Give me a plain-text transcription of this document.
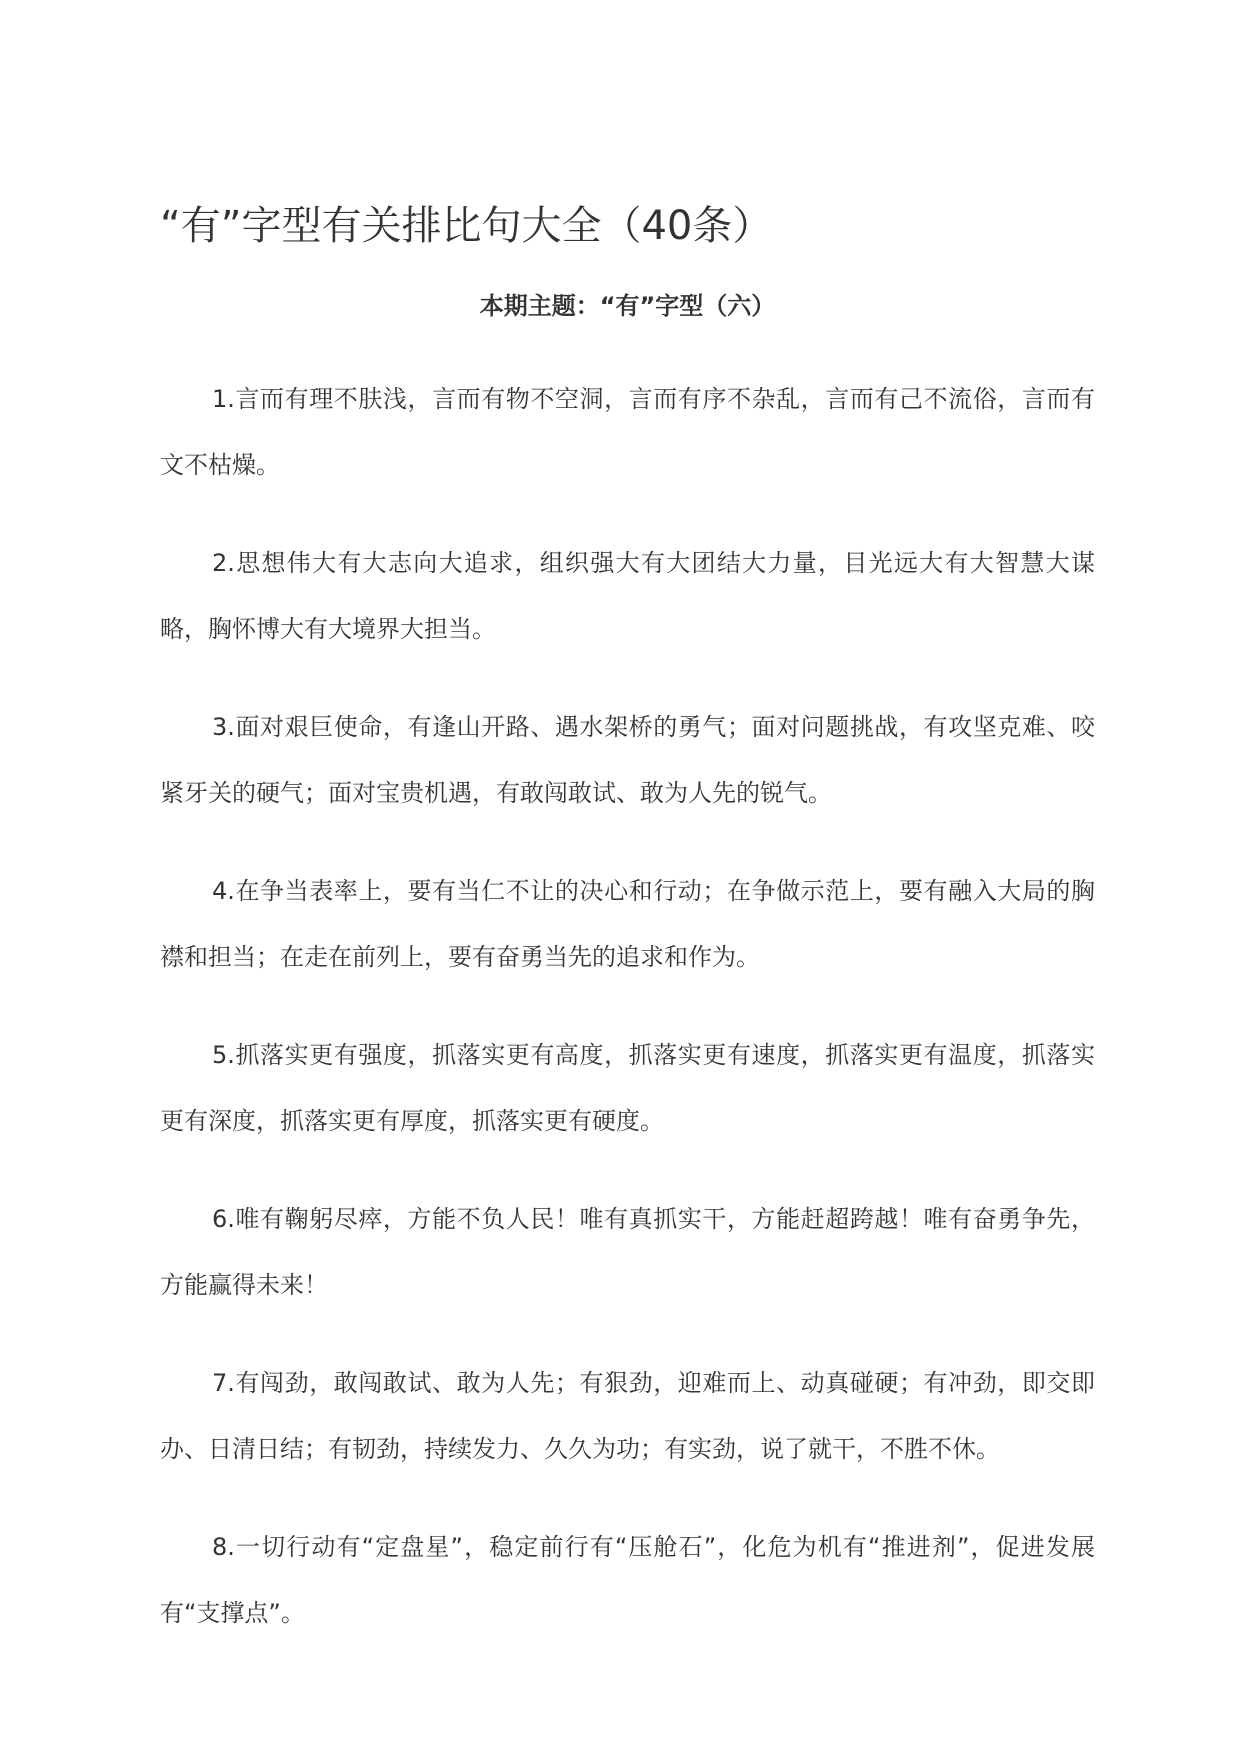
“有”字型有关排比句大全（40条）
本期主题：“有”字型（六）

1.言而有理不肤浅，言而有物不空洞，言而有序不杂乱，言而有己不流俗，言而有文不枯燥。

2.思想伟大有大志向大追求，组织强大有大团结大力量，目光远大有大智慧大谋略，胸怀博大有大境界大担当。

3.面对艰巨使命，有逢山开路、遇水架桥的勇气；面对问题挑战，有攻坚克难、咬紧牙关的硬气；面对宝贵机遇，有敢闯敢试、敢为人先的锐气。

4.在争当表率上，要有当仁不让的决心和行动；在争做示范上，要有融入大局的胸襟和担当；在走在前列上，要有奋勇当先的追求和作为。

5.抓落实更有强度，抓落实更有高度，抓落实更有速度，抓落实更有温度，抓落实更有深度，抓落实更有厚度，抓落实更有硬度。

6.唯有鞠躬尽瘁，方能不负人民！唯有真抓实干，方能赶超跨越！唯有奋勇争先，方能赢得未来！

7.有闯劲，敢闯敢试、敢为人先；有狠劲，迎难而上、动真碰硬；有冲劲，即交即办、日清日结；有韧劲，持续发力、久久为功；有实劲，说了就干，不胜不休。

8.一切行动有“定盘星”，稳定前行有“压舱石”，化危为机有“推进剂”，促进发展有“支撑点”。
